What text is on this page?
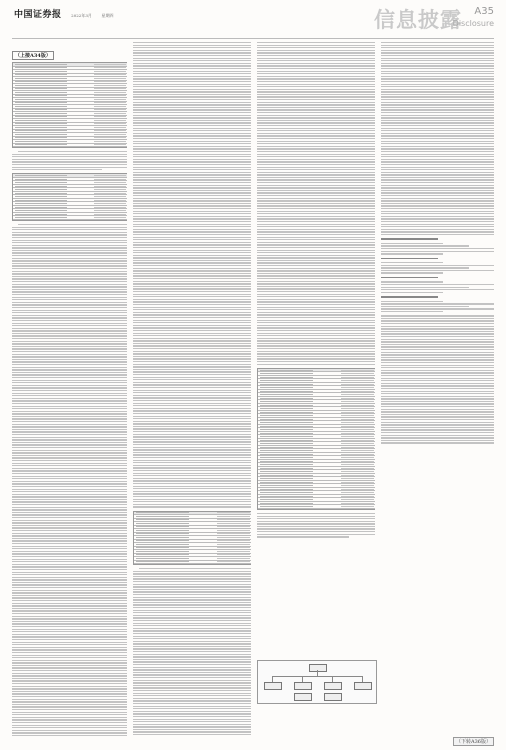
中国证券报 2022年3月 星期四	信息披露 A35
Disclosure
（上接A34版）
（下转A36版）
